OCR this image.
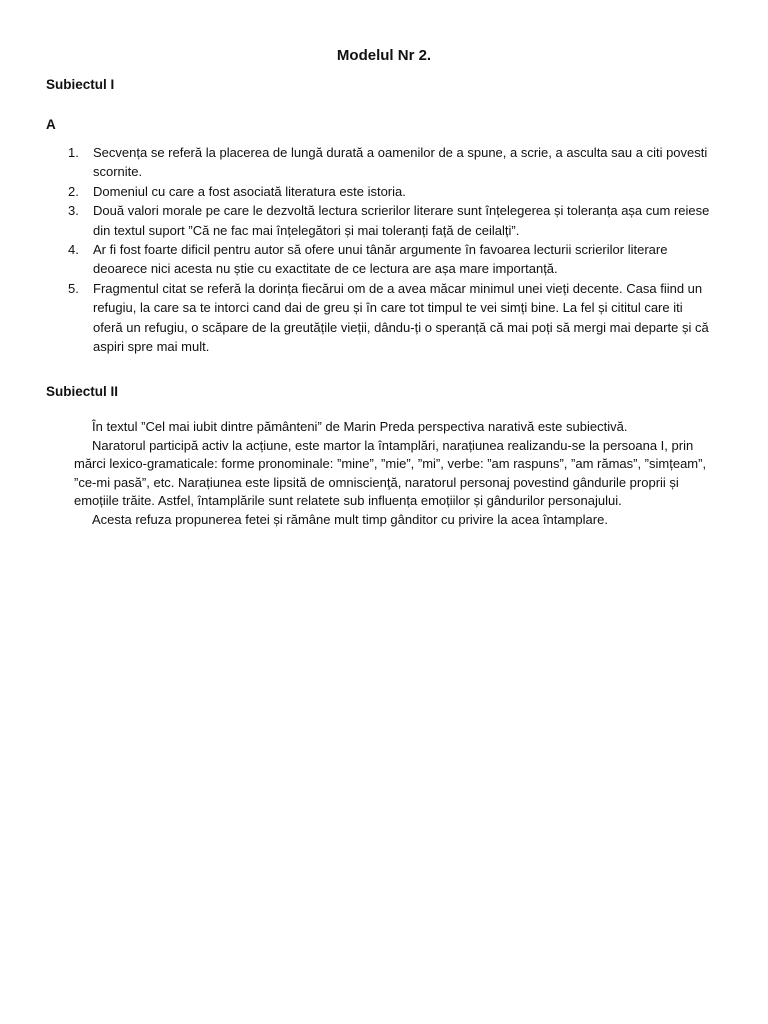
Modelul Nr 2.
Subiectul I
A
1. Secvența se referă la placerea de lungă durată a oamenilor de a spune, a scrie, a asculta sau a citi povesti scornite.
2. Domeniul cu care a fost asociată literatura este istoria.
3. Două valori morale pe care le dezvoltă lectura scrierilor literare sunt înțelegerea și toleranța așa cum reiese din textul suport ”Că ne fac mai înțelegători și mai toleranți față de ceilalți”.
4. Ar fi fost foarte dificil pentru autor să ofere unui tânăr argumente în favoarea lecturii scrierilor literare deoarece nici acesta nu știe cu exactitate de ce lectura are așa mare importanță.
5. Fragmentul citat se referă la dorința fiecărui om de a avea măcar minimul unei vieți decente. Casa fiind un refugiu, la care sa te intorci cand dai de greu și în care tot timpul te vei simți bine. La fel și cititul care iti oferă un refugiu, o scăpare de la greutățile vieții, dându-ți o speranță că mai poți să mergi mai departe și că aspiri spre mai mult.
Subiectul II

În textul ”Cel mai iubit dintre pământeni” de Marin Preda perspectiva narativă este subiectivă.

Naratorul participă activ la acțiune, este martor la întamplări, narațiunea realizandu-se la persoana I, prin mărci lexico-gramaticale: forme pronominale: ”mine”, ”mie”, ”mi”, verbe: ”am raspuns”, ”am rămas”, ”simțeam”, ”ce-mi pasă”, etc. Narațiunea este lipsită de omniscienţă, naratorul personaj povestind gândurile proprii și emoțiile trăite. Astfel, întamplările sunt relatete sub influența emoțiilor și gândurilor personajului.

Acesta refuza propunerea fetei și rămâne mult timp gânditor cu privire la acea întamplare.
